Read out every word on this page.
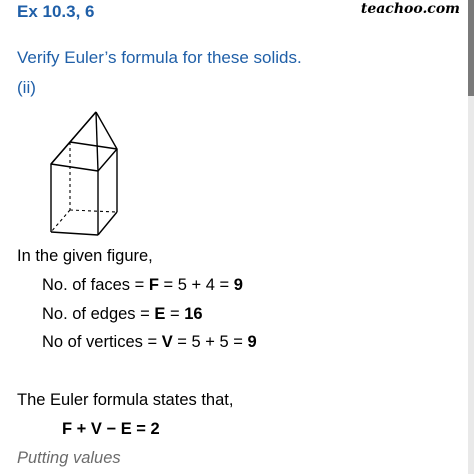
Ex 10.3, 6	teachoo.com
Verify Euler’s formula for these solids.
(ii)
In the given figure,
No. of faces = F = 5 + 4 = 9
No. of edges = E = 16
No of vertices = V = 5 + 5 = 9
The Euler formula states that,
F + V − E = 2
Putting values
